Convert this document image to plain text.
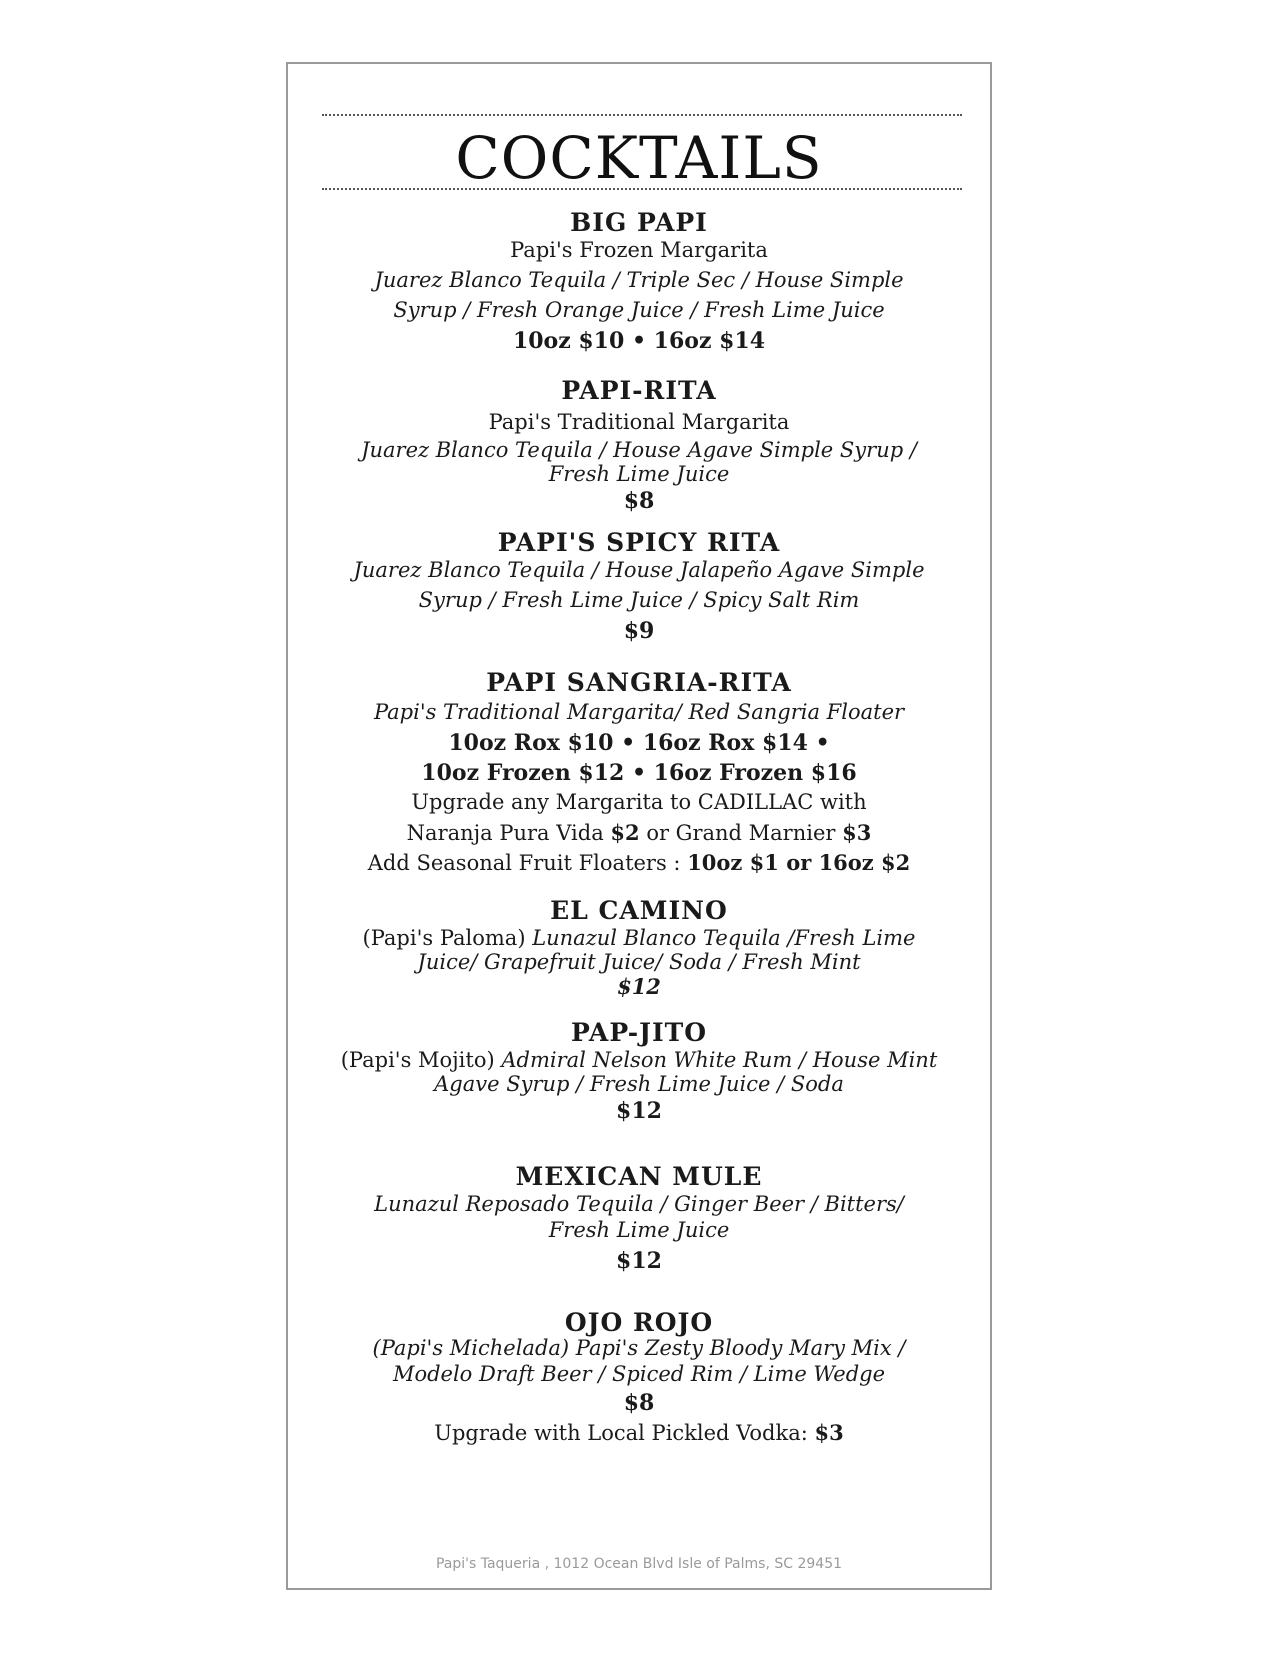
COCKTAILS
BIG PAPI
Papi's Frozen Margarita
Juarez Blanco Tequila / Triple Sec / House Simple
Syrup / Fresh Orange Juice / Fresh Lime Juice
10oz $10 • 16oz $14
PAPI-RITA
Papi's Traditional Margarita
Juarez Blanco Tequila / House Agave Simple Syrup /
Fresh Lime Juice
$8
PAPI'S SPICY RITA
Juarez Blanco Tequila / House Jalapeño Agave Simple
Syrup / Fresh Lime Juice / Spicy Salt Rim
$9
PAPI SANGRIA-RITA
Papi's Traditional Margarita/ Red Sangria Floater
10oz Rox $10 • 16oz Rox $14 •
10oz Frozen $12 • 16oz Frozen $16
Upgrade any Margarita to CADILLAC with
Naranja Pura Vida $2 or Grand Marnier $3
Add Seasonal Fruit Floaters : 10oz $1 or 16oz $2
EL CAMINO
(Papi's Paloma) Lunazul Blanco Tequila /Fresh Lime
Juice/ Grapefruit Juice/ Soda / Fresh Mint
$12
PAP-JITO
(Papi's Mojito) Admiral Nelson White Rum / House Mint
Agave Syrup / Fresh Lime Juice / Soda
$12
MEXICAN MULE
Lunazul Reposado Tequila / Ginger Beer / Bitters/
Fresh Lime Juice
$12
OJO ROJO
(Papi's Michelada) Papi's Zesty Bloody Mary Mix /
Modelo Draft Beer / Spiced Rim / Lime Wedge
$8
Upgrade with Local Pickled Vodka: $3
Papi's Taqueria , 1012 Ocean Blvd Isle of Palms, SC 29451
